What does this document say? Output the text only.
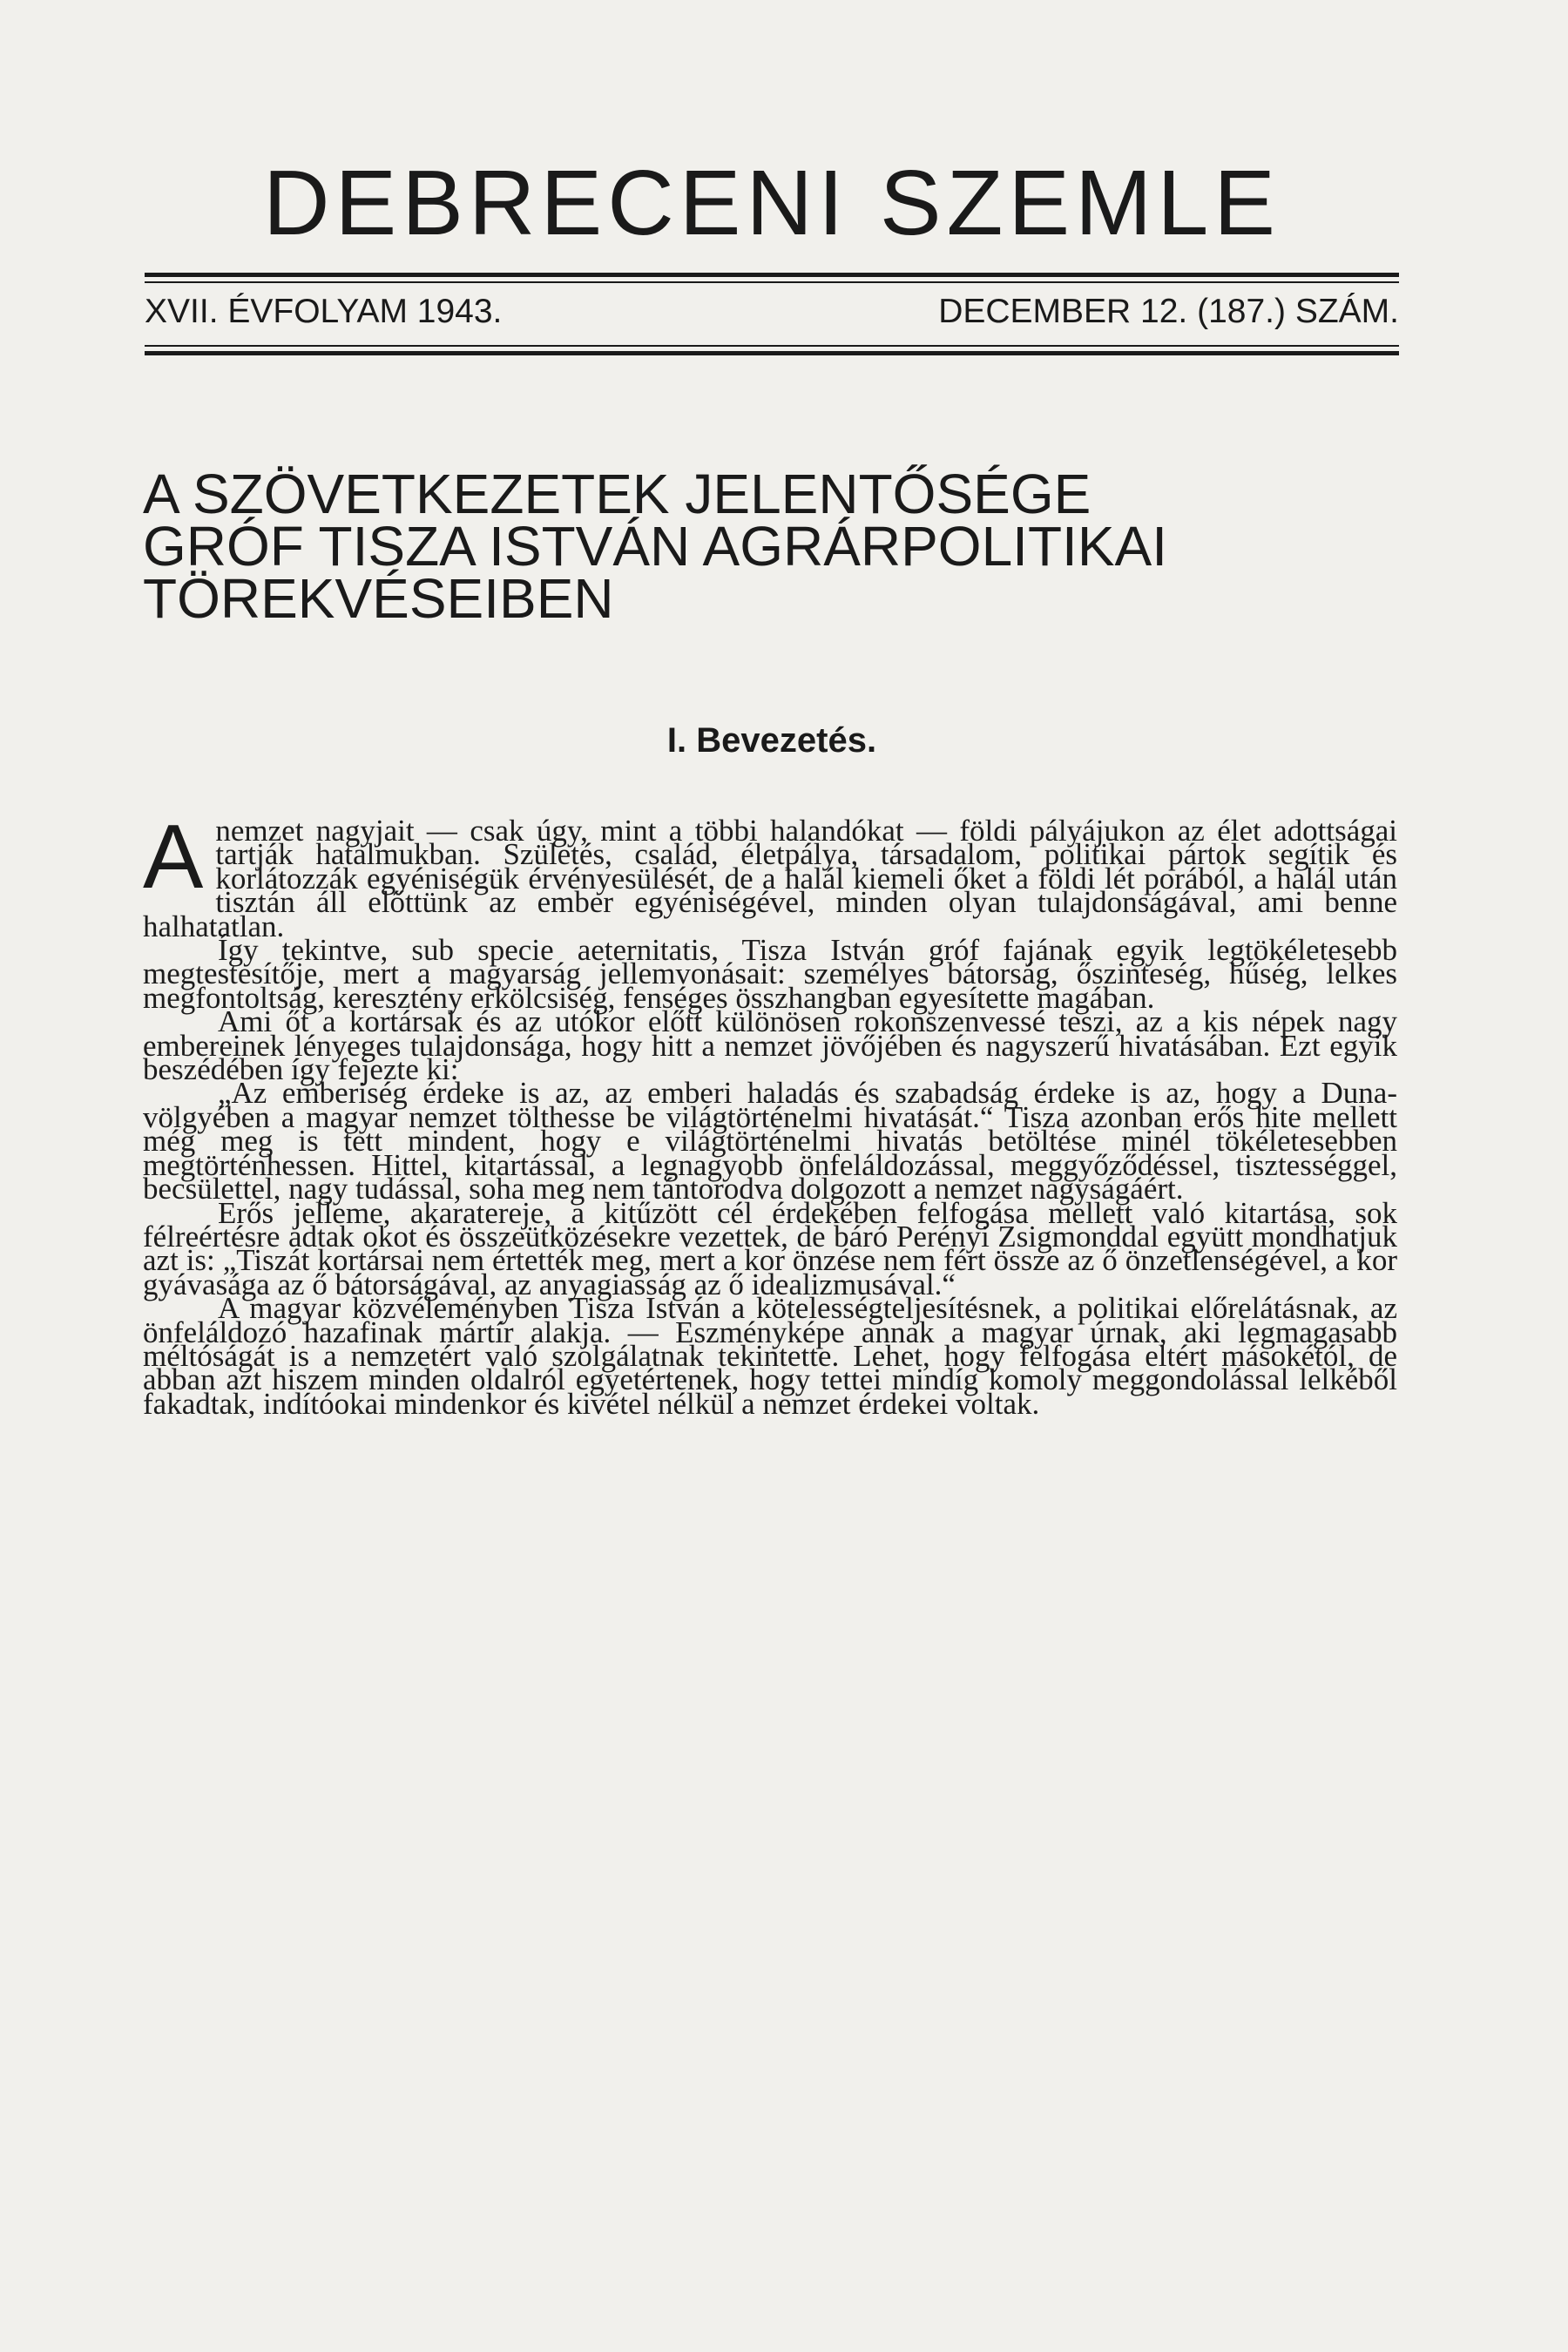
DEBRECENI SZEMLE
XVII. ÉVFOLYAM 1943.	DECEMBER 12. (187.) SZÁM.
A SZÖVETKEZETEK JELENTŐSÉGE
GRÓF TISZA ISTVÁN AGRÁRPOLITIKAI
TÖREKVÉSEIBEN
I. Bevezetés.

Anemzet nagyjait — csak úgy, mint a többi halandókat — földi pályájukon az élet adottságai tartják hatalmukban. Születés, család, életpálya, társadalom, politikai pártok segítik és korlátozzák egyéniségük érvényesülését, de a halál kiemeli őket a földi lét porából, a halál után tisztán áll előttünk az ember egyéniségével, minden olyan tulajdonságával, ami benne halhatatlan.

Így tekintve, sub specie aeternitatis, Tisza István gróf fajának egyik legtökéletesebb megtestesítője, mert a magyarság jellemvonásait: személyes bátorság, őszinteség, hűség, lelkes megfontoltság, keresztény erkölcsiség, fenséges összhangban egyesítette magában.

Ami őt a kortársak és az utókor előtt különösen rokonszenvessé teszi, az a kis népek nagy embereinek lényeges tulajdonsága, hogy hitt a nemzet jövőjében és nagyszerű hivatásában. Ezt egyik beszédében így fejezte ki:

„Az emberiség érdeke is az, az emberi haladás és szabadság érdeke is az, hogy a Duna-völgyében a magyar nemzet tölthesse be világtörténelmi hivatását.“ Tisza azonban erős hite mellett még meg is tett mindent, hogy e világtörténelmi hivatás betöltése minél tökéletesebben megtörténhessen. Hittel, kitartással, a legnagyobb önfeláldozással, meggyőződéssel, tisztességgel, becsülettel, nagy tudással, soha meg nem tántorodva dolgozott a nemzet nagyságáért.

Erős jelleme, akaratereje, a kitűzött cél érdekében felfogása mellett való kitartása, sok félreértésre adtak okot és összeütközésekre vezettek, de báró Perényi Zsigmonddal együtt mondhatjuk azt is: „Tiszát kortársai nem értették meg, mert a kor önzése nem fért össze az ő önzetlenségével, a kor gyávasága az ő bátorságával, az anyagiasság az ő idealizmusával.“

A magyar közvéleményben Tisza István a kötelességteljesítésnek, a politikai előrelátásnak, az önfeláldozó hazafinak mártír alakja. — Eszményképe annak a magyar úrnak, aki legmagasabb méltóságát is a nemzetért való szolgálatnak tekintette. Lehet, hogy felfogása eltért másokétól, de abban azt hiszem minden oldalról egyetértenek, hogy tettei mindíg komoly meggondolással lelkéből fakadtak, indítóokai mindenkor és kivétel nélkül a nemzet érdekei voltak.
